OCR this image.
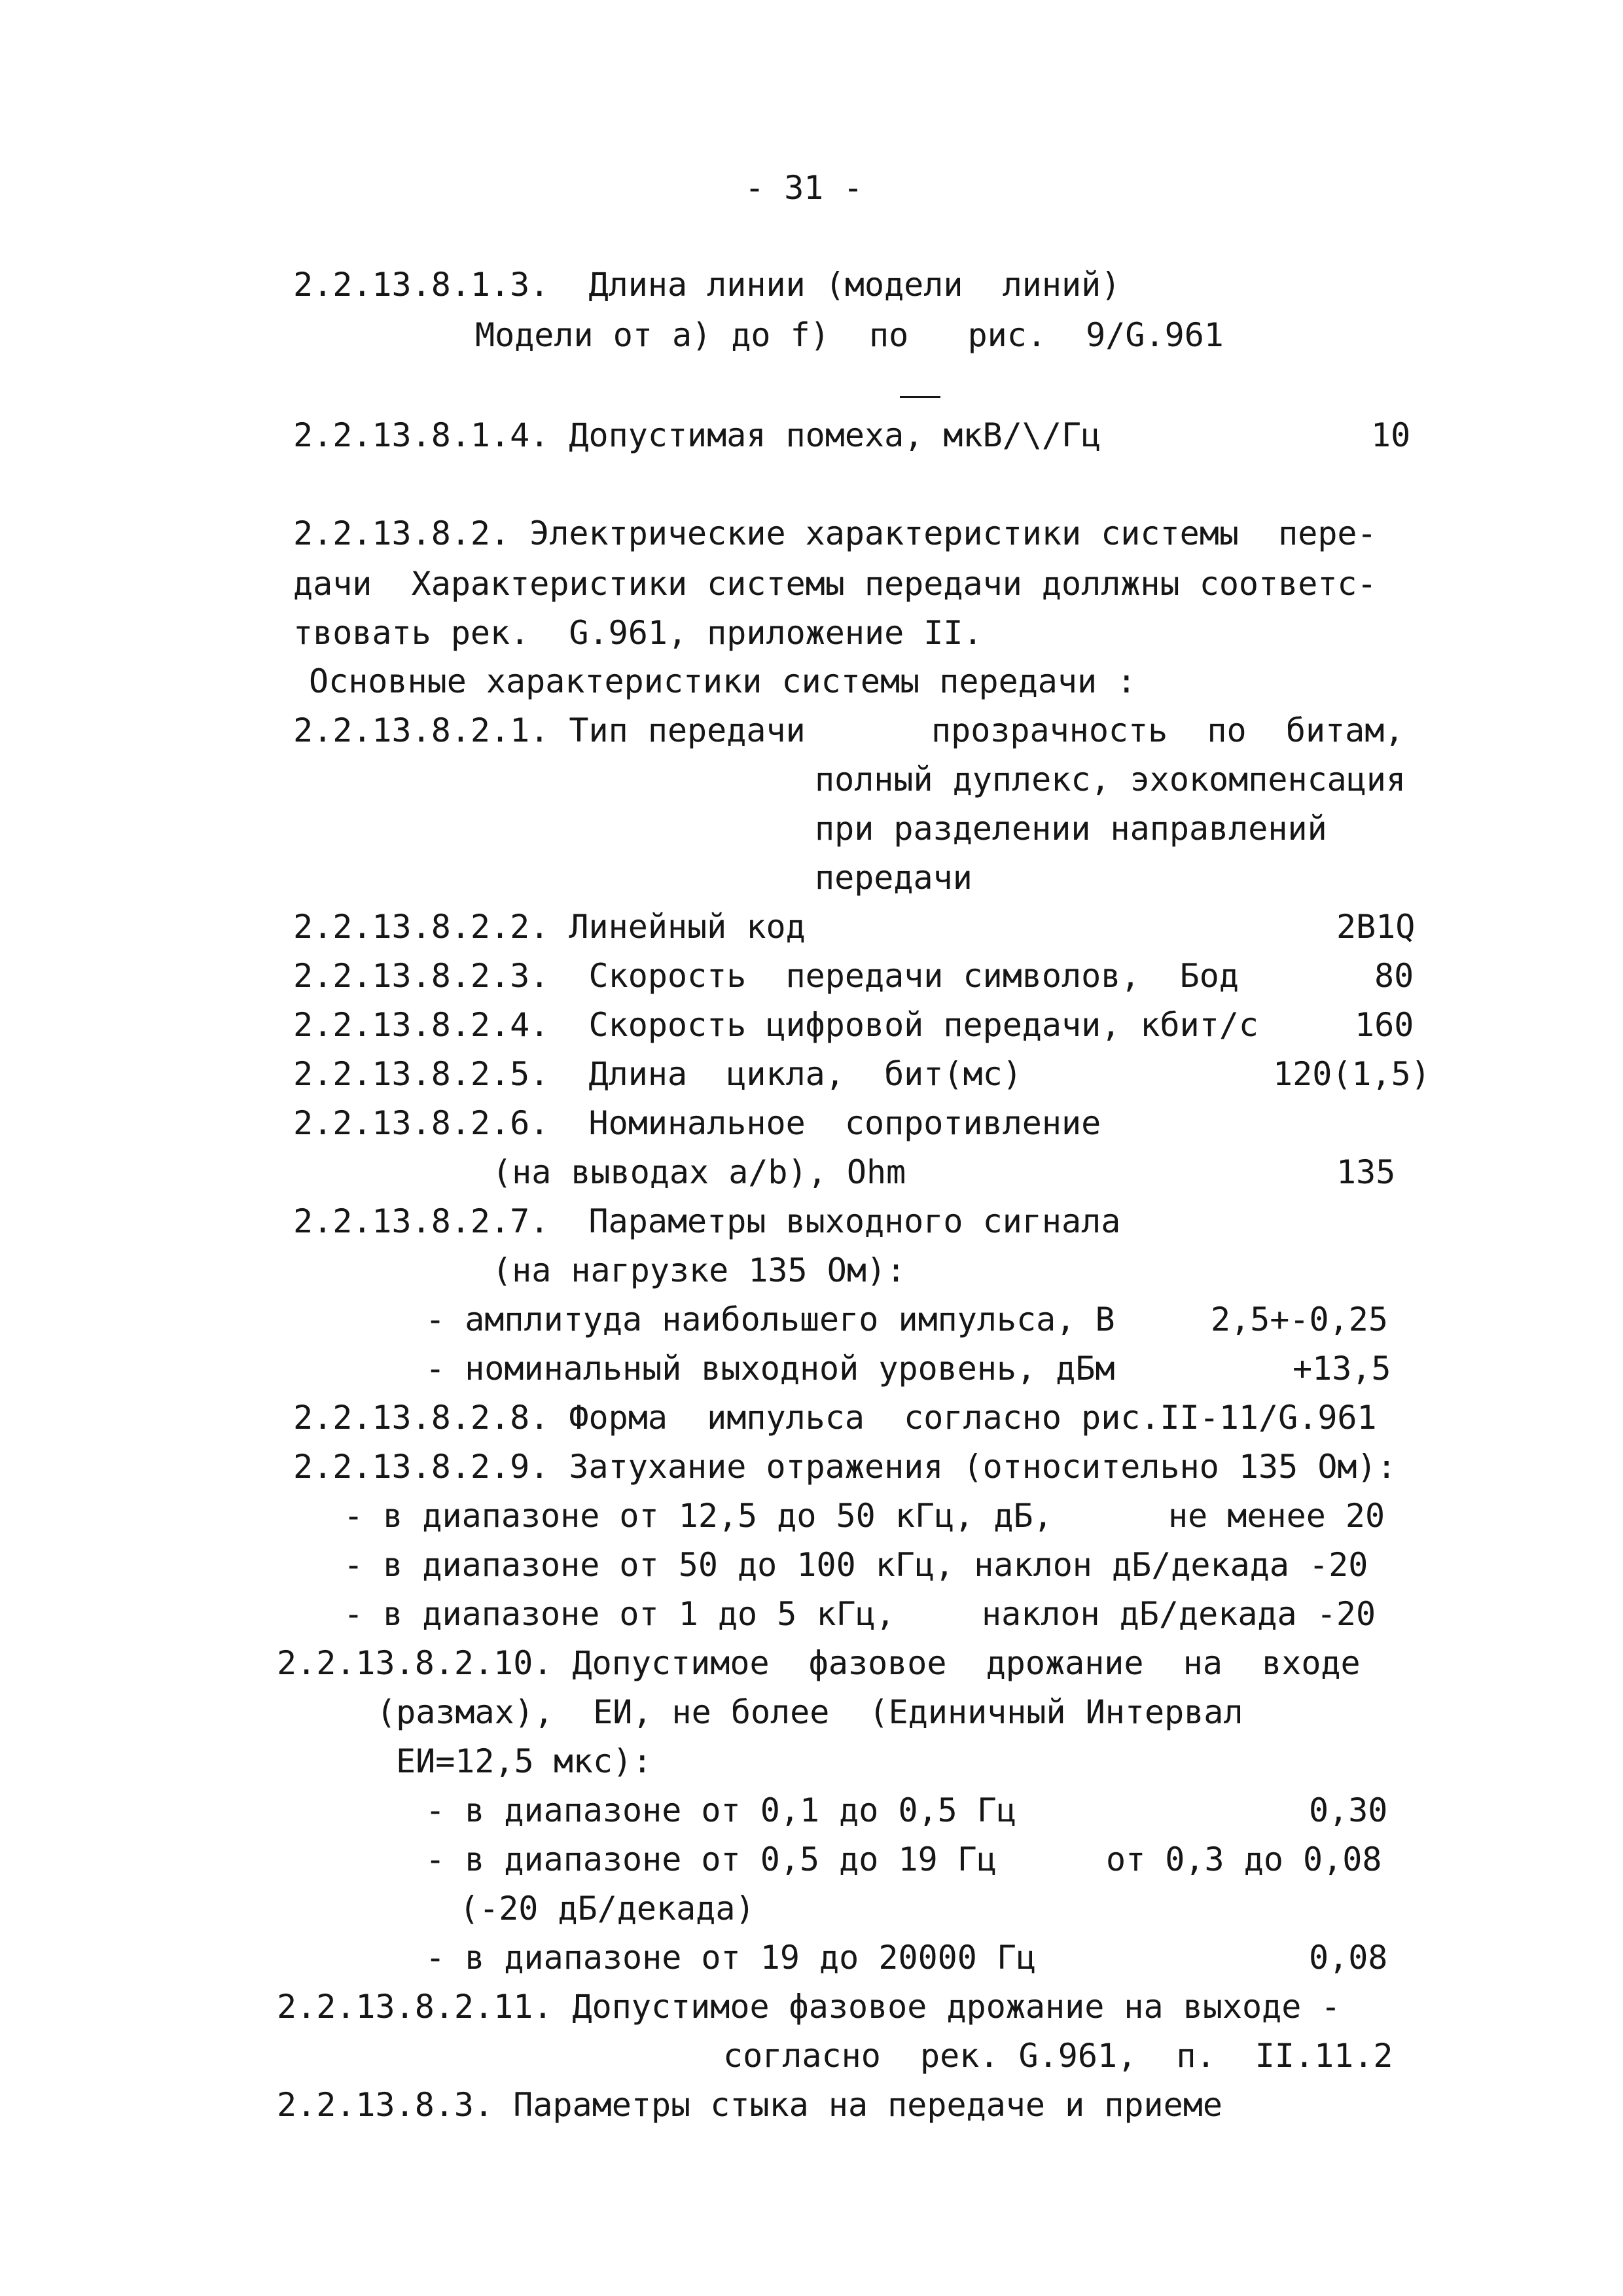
- 31 -
2.2.13.8.1.3.  Длина линии (модели  линий)
Модели от a) до f)  по   рис.  9/G.961
2.2.13.8.1.4. Допустимая помеха, мкВ/\/Гц	10
2.2.13.8.2. Электрические характеристики системы  пере-
дачи  Характеристики системы передачи доллжны соответс-
твовать рек.  G.961, приложение II.
Основные характеристики системы передачи :
2.2.13.8.2.1. Тип передачи	прозрачность  по  битам,
полный дуплекс, эхокомпенсация
при разделении направлений
передачи
2.2.13.8.2.2. Линейный код	2B1Q
2.2.13.8.2.3.  Скорость  передачи символов,  Бод	80
2.2.13.8.2.4.  Скорость цифровой передачи, кбит/с	160
2.2.13.8.2.5.  Длина  цикла,  бит(мс)	120(1,5)
2.2.13.8.2.6.  Номинальное  сопротивление
(на выводах a/b), Ohm	135
2.2.13.8.2.7.  Параметры выходного сигнала
(на нагрузке 135 Ом):
- амплитуда наибольшего импульса, В	2,5+-0,25
- номинальный выходной уровень, дБм	+13,5
2.2.13.8.2.8. Форма  импульса  согласно рис.II-11/G.961
2.2.13.8.2.9. Затухание отражения (относительно 135 Ом):
- в диапазоне от 12,5 до 50 кГц, дБ,	не менее 20
- в диапазоне от 50 до 100 кГц, наклон дБ/декада -20
- в диапазоне от 1 до 5 кГц,	наклон дБ/декада -20
2.2.13.8.2.10. Допустимое  фазовое  дрожание  на  входе
(размах),  ЕИ, не более  (Единичный Интервал
ЕИ=12,5 мкс):
- в диапазоне от 0,1 до 0,5 Гц	0,30
- в диапазоне от 0,5 до 19 Гц	от 0,3 до 0,08
(-20 дБ/декада)
- в диапазоне от 19 до 20000 Гц	0,08
2.2.13.8.2.11. Допустимое фазовое дрожание на выходе -
согласно  рек. G.961,  п.  II.11.2
2.2.13.8.3. Параметры стыка на передаче и приеме
